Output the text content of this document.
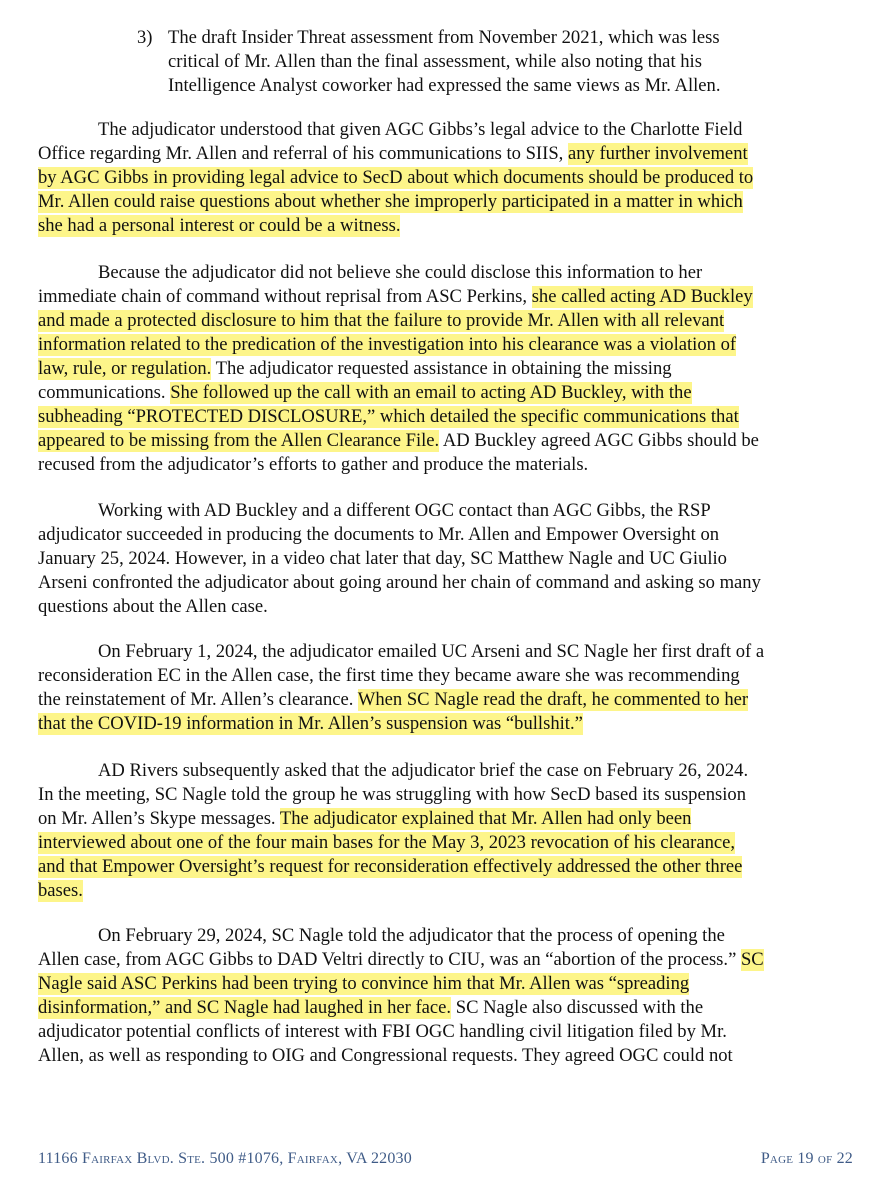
3) The draft Insider Threat assessment from November 2021, which was less
critical of Mr. Allen than the final assessment, while also noting that his
Intelligence Analyst coworker had expressed the same views as Mr. Allen.
The adjudicator understood that given AGC Gibbs’s legal advice to the Charlotte Field
Office regarding Mr. Allen and referral of his communications to SIIS, any further involvement
by AGC Gibbs in providing legal advice to SecD about which documents should be produced to
Mr. Allen could raise questions about whether she improperly participated in a matter in which
she had a personal interest or could be a witness.
Because the adjudicator did not believe she could disclose this information to her
immediate chain of command without reprisal from ASC Perkins, she called acting AD Buckley
and made a protected disclosure to him that the failure to provide Mr. Allen with all relevant
information related to the predication of the investigation into his clearance was a violation of
law, rule, or regulation. The adjudicator requested assistance in obtaining the missing
communications. She followed up the call with an email to acting AD Buckley, with the
subheading “PROTECTED DISCLOSURE,” which detailed the specific communications that
appeared to be missing from the Allen Clearance File. AD Buckley agreed AGC Gibbs should be
recused from the adjudicator’s efforts to gather and produce the materials.
Working with AD Buckley and a different OGC contact than AGC Gibbs, the RSP
adjudicator succeeded in producing the documents to Mr. Allen and Empower Oversight on
January 25, 2024. However, in a video chat later that day, SC Matthew Nagle and UC Giulio
Arseni confronted the adjudicator about going around her chain of command and asking so many
questions about the Allen case.
On February 1, 2024, the adjudicator emailed UC Arseni and SC Nagle her first draft of a
reconsideration EC in the Allen case, the first time they became aware she was recommending
the reinstatement of Mr. Allen’s clearance. When SC Nagle read the draft, he commented to her
that the COVID-19 information in Mr. Allen’s suspension was “bullshit.”
AD Rivers subsequently asked that the adjudicator brief the case on February 26, 2024.
In the meeting, SC Nagle told the group he was struggling with how SecD based its suspension
on Mr. Allen’s Skype messages. The adjudicator explained that Mr. Allen had only been
interviewed about one of the four main bases for the May 3, 2023 revocation of his clearance,
and that Empower Oversight’s request for reconsideration effectively addressed the other three
bases.
On February 29, 2024, SC Nagle told the adjudicator that the process of opening the
Allen case, from AGC Gibbs to DAD Veltri directly to CIU, was an “abortion of the process.” SC
Nagle said ASC Perkins had been trying to convince him that Mr. Allen was “spreading
disinformation,” and SC Nagle had laughed in her face. SC Nagle also discussed with the
adjudicator potential conflicts of interest with FBI OGC handling civil litigation filed by Mr.
Allen, as well as responding to OIG and Congressional requests. They agreed OGC could not
11166 Fairfax Blvd. Ste. 500 #1076, Fairfax, VA 22030	Page 19 of 22
